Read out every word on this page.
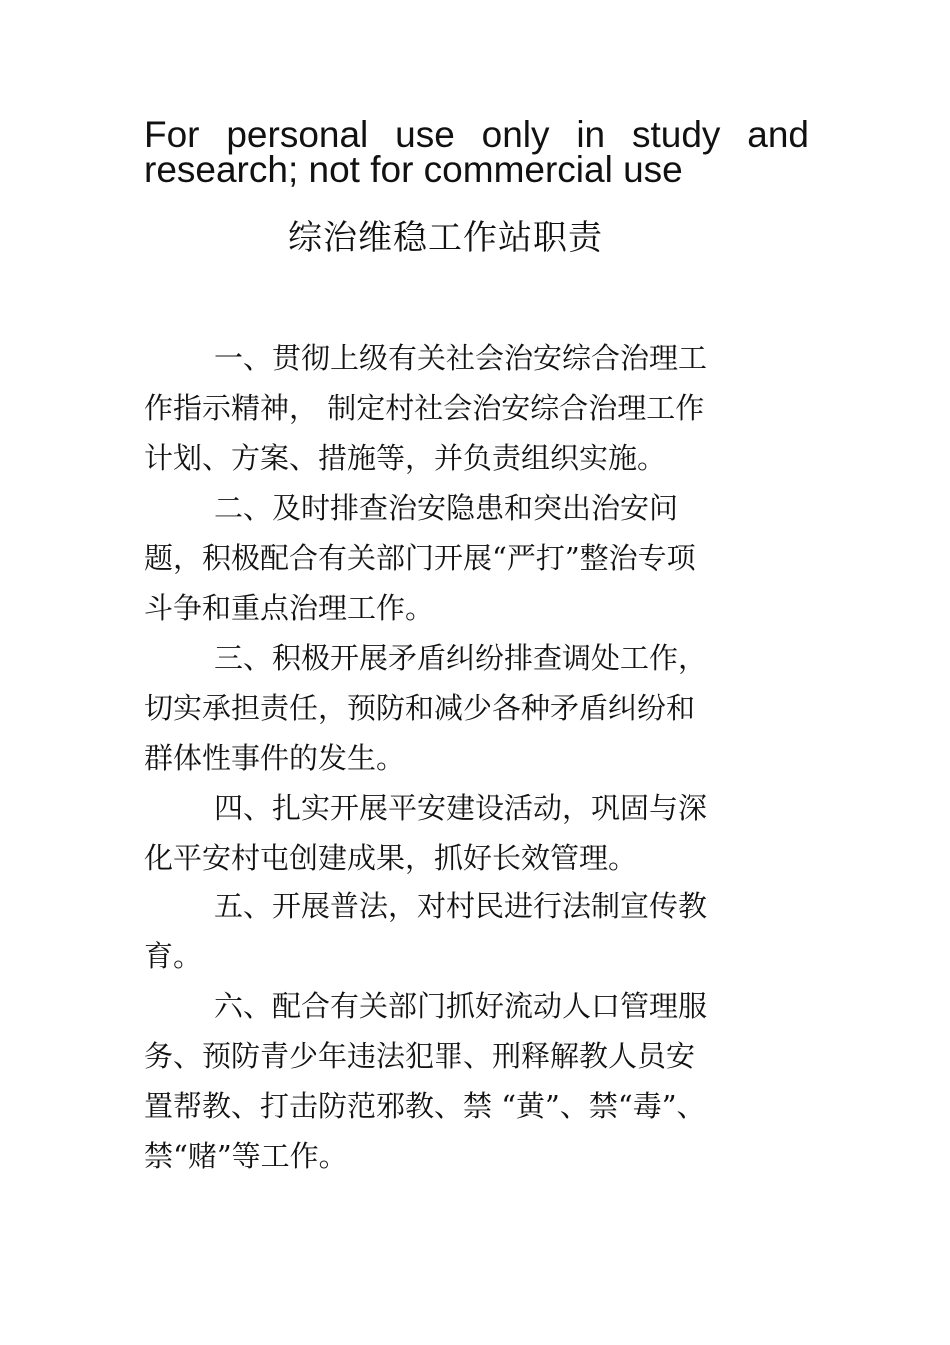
For personal use only in study and research; not for commercial use

综治维稳工作站职责

一、贯彻上级有关社会治安综合治理工

作指示精神， 制定村社会治安综合治理工作

计划、方案、措施等，并负责组织实施。

二、及时排查治安隐患和突出治安问

题，积极配合有关部门开展“严打”整治专项

斗争和重点治理工作。

三、积极开展矛盾纠纷排查调处工作，

切实承担责任，预防和减少各种矛盾纠纷和

群体性事件的发生。

四、扎实开展平安建设活动，巩固与深

化平安村屯创建成果，抓好长效管理。

五、开展普法，对村民进行法制宣传教

育。

六、配合有关部门抓好流动人口管理服

务、预防青少年违法犯罪、刑释解教人员安

置帮教、打击防范邪教、禁 “黄”、禁“毒”、

禁“赌”等工作。
